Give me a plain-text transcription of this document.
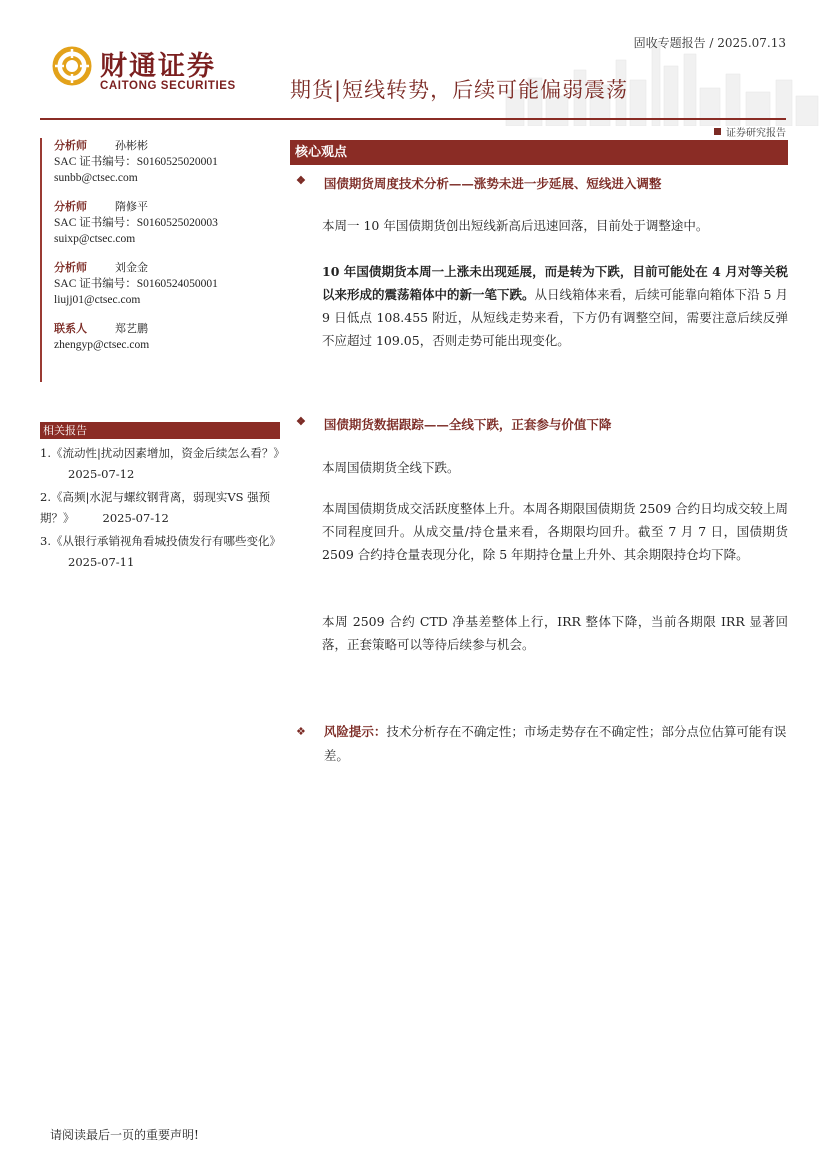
财通证券
CAITONG SECURITIES
固收专题报告 / 2025.07.13
期货|短线转势，后续可能偏弱震荡
证券研究报告
分析师	孙彬彬
SAC 证书编号：S0160525020001
sunbb@ctsec.com
分析师	隋修平
SAC 证书编号：S0160525020003
suixp@ctsec.com
分析师	刘金金
SAC 证书编号：S0160524050001
liujj01@ctsec.com
联系人	郑艺鹏
zhengyp@ctsec.com
相关报告
1.《流动性|扰动因素增加，资金后续怎么看？》2025-07-12
2.《高频|水泥与螺纹钢背离，弱现实VS 强预期？》 2025-07-12
3.《从银行承销视角看城投债发行有哪些变化》2025-07-11
核心观点
❖ 国债期货周度技术分析——涨势未进一步延展、短线进入调整
本周一 10 年国债期货创出短线新高后迅速回落，目前处于调整途中。
10 年国债期货本周一上涨未出现延展，而是转为下跌，目前可能处在 4 月对等关税以来形成的震荡箱体中的新一笔下跌。从日线箱体来看，后续可能靠向箱体下沿 5 月 9 日低点 108.455 附近，从短线走势来看，下方仍有调整空间，需要注意后续反弹不应超过 109.05，否则走势可能出现变化。
❖ 国债期货数据跟踪——全线下跌，正套参与价值下降
本周国债期货全线下跌。
本周国债期货成交活跃度整体上升。本周各期限国债期货 2509 合约日均成交较上周不同程度回升。从成交量/持仓量来看，各期限均回升。截至 7 月 7 日，国债期货 2509 合约持仓量表现分化，除 5 年期持仓量上升外、其余期限持仓均下降。
本周 2509 合约 CTD 净基差整体上行，IRR 整体下降，当前各期限 IRR 显著回落，正套策略可以等待后续参与机会。
❖ 风险提示：技术分析存在不确定性；市场走势存在不确定性；部分点位估算可能有误差。
请阅读最后一页的重要声明!
